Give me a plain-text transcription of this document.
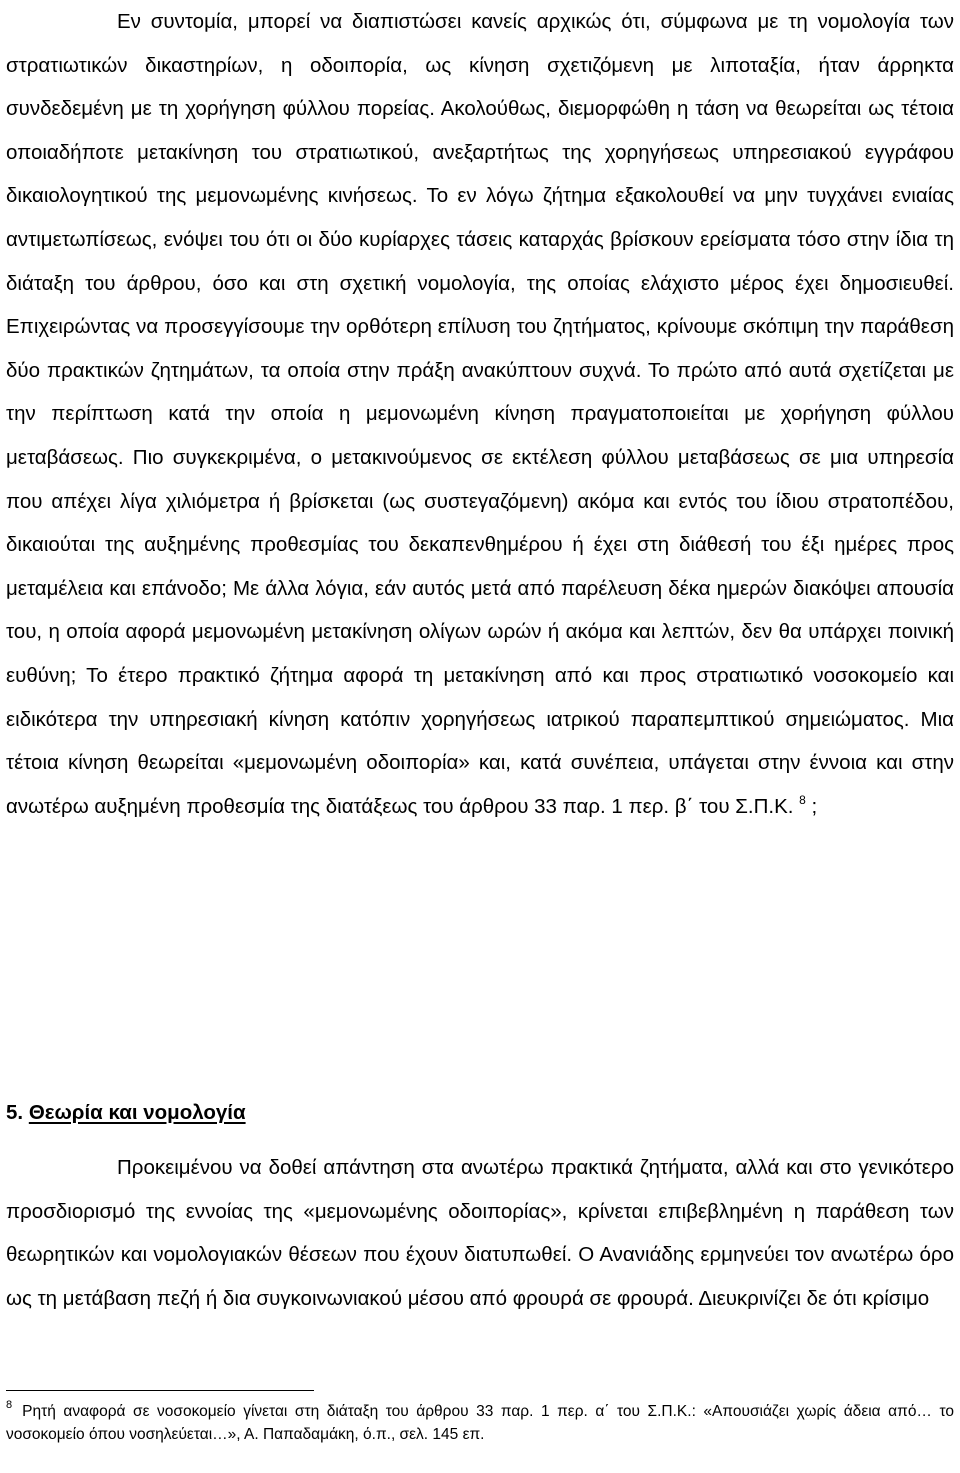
Εν συντομία, μπορεί να διαπιστώσει κανείς αρχικώς ότι, σύμφωνα με τη νομολογία των στρατιωτικών δικαστηρίων, η οδοιπορία, ως κίνηση σχετιζόμενη με λιποταξία, ήταν άρρηκτα συνδεδεμένη με τη χορήγηση φύλλου πορείας. Ακολούθως, διεμορφώθη η τάση να θεωρείται ως τέτοια οποιαδήποτε μετακίνηση του στρατιωτικού, ανεξαρτήτως της χορηγήσεως υπηρεσιακού εγγράφου δικαιολογητικού της μεμονωμένης κινήσεως. Το εν λόγω ζήτημα εξακολουθεί να μην τυγχάνει ενιαίας αντιμετωπίσεως, ενόψει του ότι οι δύο κυρίαρχες τάσεις καταρχάς βρίσκουν ερείσματα τόσο στην ίδια τη διάταξη του άρθρου, όσο και στη σχετική νομολογία, της οποίας ελάχιστο μέρος έχει δημοσιευθεί. Επιχειρώντας να προσεγγίσουμε την ορθότερη επίλυση του ζητήματος, κρίνουμε σκόπιμη την παράθεση δύο πρακτικών ζητημάτων, τα οποία στην πράξη ανακύπτουν συχνά. Το πρώτο από αυτά σχετίζεται με την περίπτωση κατά την οποία η μεμονωμένη κίνηση πραγματοποιείται με χορήγηση φύλλου μεταβάσεως. Πιο συγκεκριμένα, ο μετακινούμενος σε εκτέλεση φύλλου μεταβάσεως σε μια υπηρεσία που απέχει λίγα χιλιόμετρα ή βρίσκεται (ως συστεγαζόμενη) ακόμα και εντός του ίδιου στρατοπέδου, δικαιούται της αυξημένης προθεσμίας του δεκαπενθημέρου ή έχει στη διάθεσή του έξι ημέρες προς μεταμέλεια και επάνοδο; Με άλλα λόγια, εάν αυτός μετά από παρέλευση δέκα ημερών διακόψει απουσία του, η οποία αφορά μεμονωμένη μετακίνηση ολίγων ωρών ή ακόμα και λεπτών, δεν θα υπάρχει ποινική ευθύνη; Το έτερο πρακτικό ζήτημα αφορά τη μετακίνηση από και προς στρατιωτικό νοσοκομείο και ειδικότερα την υπηρεσιακή κίνηση κατόπιν χορηγήσεως ιατρικού παραπεμπτικού σημειώματος. Μια τέτοια κίνηση θεωρείται «μεμονωμένη οδοιπορία» και, κατά συνέπεια, υπάγεται στην έννοια και στην ανωτέρω αυξημένη προθεσμία της διατάξεως του άρθρου 33 παρ. 1 περ. β΄ του Σ.Π.Κ. $^8$ ;

5. Θεωρία και νομολογία

Προκειμένου να δοθεί απάντηση στα ανωτέρω πρακτικά ζητήματα, αλλά και στο γενικότερο προσδιορισμό της εννοίας της «μεμονωμένης οδοιπορίας», κρίνεται επιβεβλημένη η παράθεση των θεωρητικών και νομολογιακών θέσεων που έχουν διατυπωθεί. Ο Ανανιάδης ερμηνεύει τον ανωτέρω όρο ως τη μετάβαση πεζή ή δια συγκοινωνιακού μέσου από φρουρά σε φρουρά. Διευκρινίζει δε ότι κρίσιμο

$^8$ Ρητή αναφορά σε νοσοκομείο γίνεται στη διάταξη του άρθρου 33 παρ. 1 περ. α΄ του Σ.Π.Κ.: «Απουσιάζει χωρίς άδεια από… το νοσοκομείο όπου νοσηλεύεται…», Α. Παπαδαμάκη, ό.π., σελ. 145 επ.
